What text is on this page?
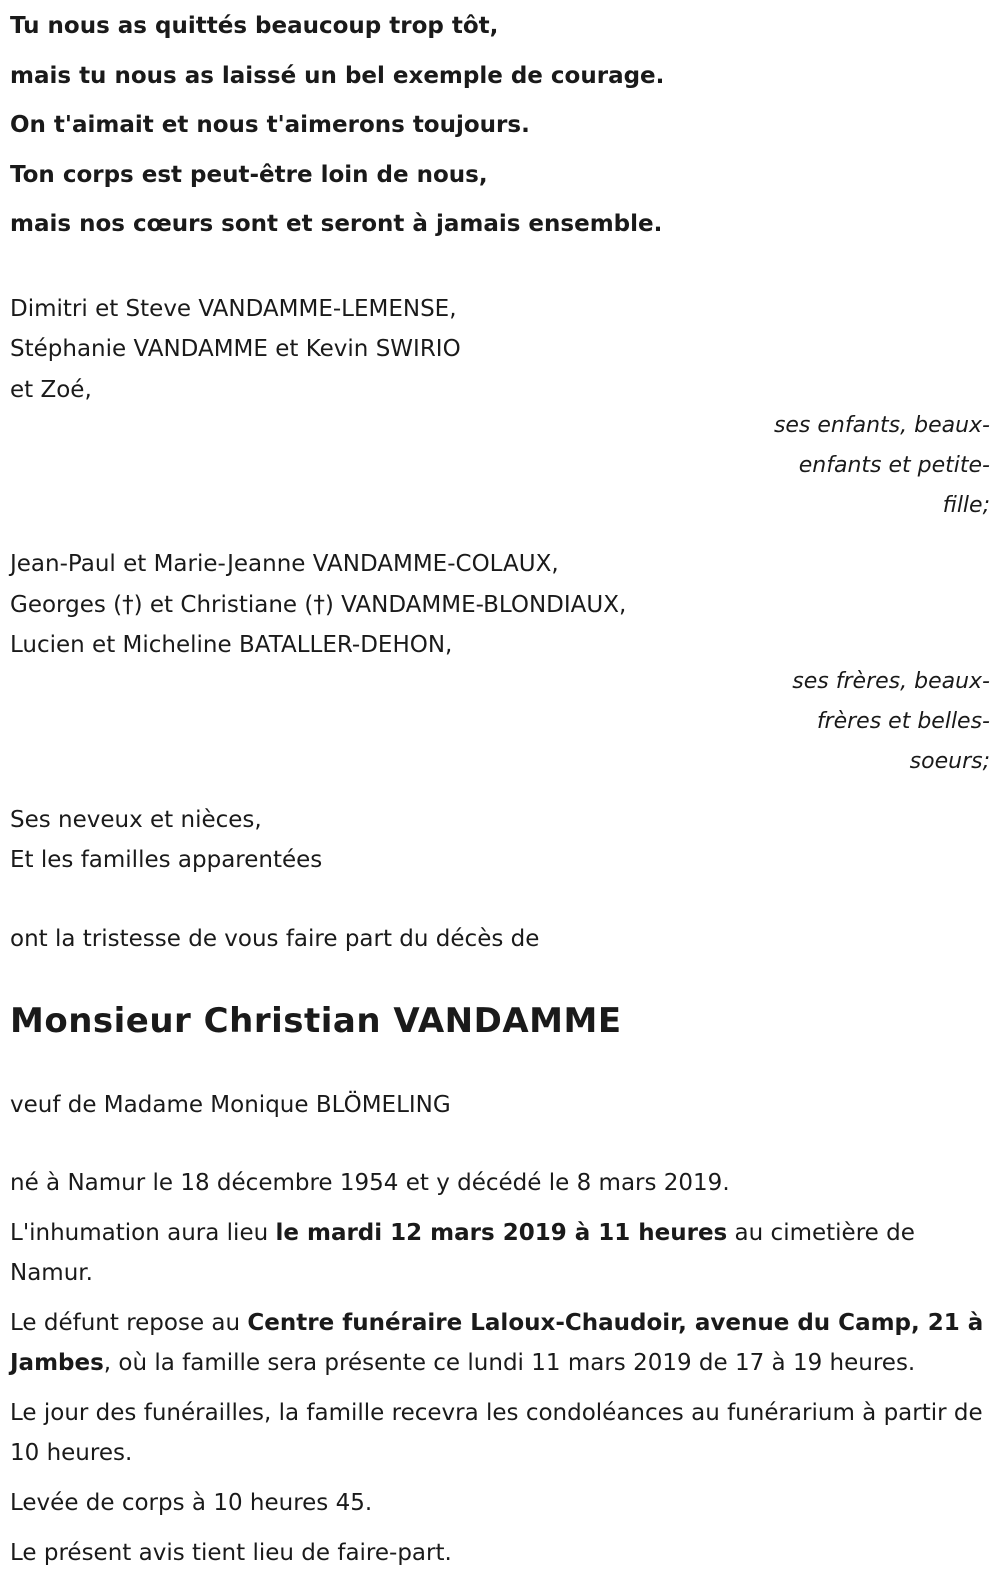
Tu nous as quittés beaucoup trop tôt,

mais tu nous as laissé un bel exemple de courage.

On t'aimait et nous t'aimerons toujours.

Ton corps est peut-être loin de nous,

mais nos cœurs sont et seront à jamais ensemble.

Dimitri et Steve VANDAMME-LEMENSE,

Stéphanie VANDAMME et Kevin SWIRIO

et Zoé,

ses enfants, beaux-

enfants et petite-

fille;

Jean-Paul et Marie-Jeanne VANDAMME-COLAUX,

Georges (†) et Christiane (†) VANDAMME-BLONDIAUX,

Lucien et Micheline BATALLER-DEHON,

ses frères, beaux-

frères et belles-

soeurs;

Ses neveux et nièces,

Et les familles apparentées

ont la tristesse de vous faire part du décès de
Monsieur Christian VANDAMME
veuf de Madame Monique BLÖMELING

né à Namur le 18 décembre 1954 et y décédé le 8 mars 2019.

L'inhumation aura lieu le mardi 12 mars 2019 à 11 heures au cimetière de Namur.

Le défunt repose au Centre funéraire Laloux-Chaudoir, avenue du Camp, 21 à Jambes, où la famille sera présente ce lundi 11 mars 2019 de 17 à 19 heures.

Le jour des funérailles, la famille recevra les condoléances au funérarium à partir de 10 heures.

Levée de corps à 10 heures 45.

Le présent avis tient lieu de faire-part.
